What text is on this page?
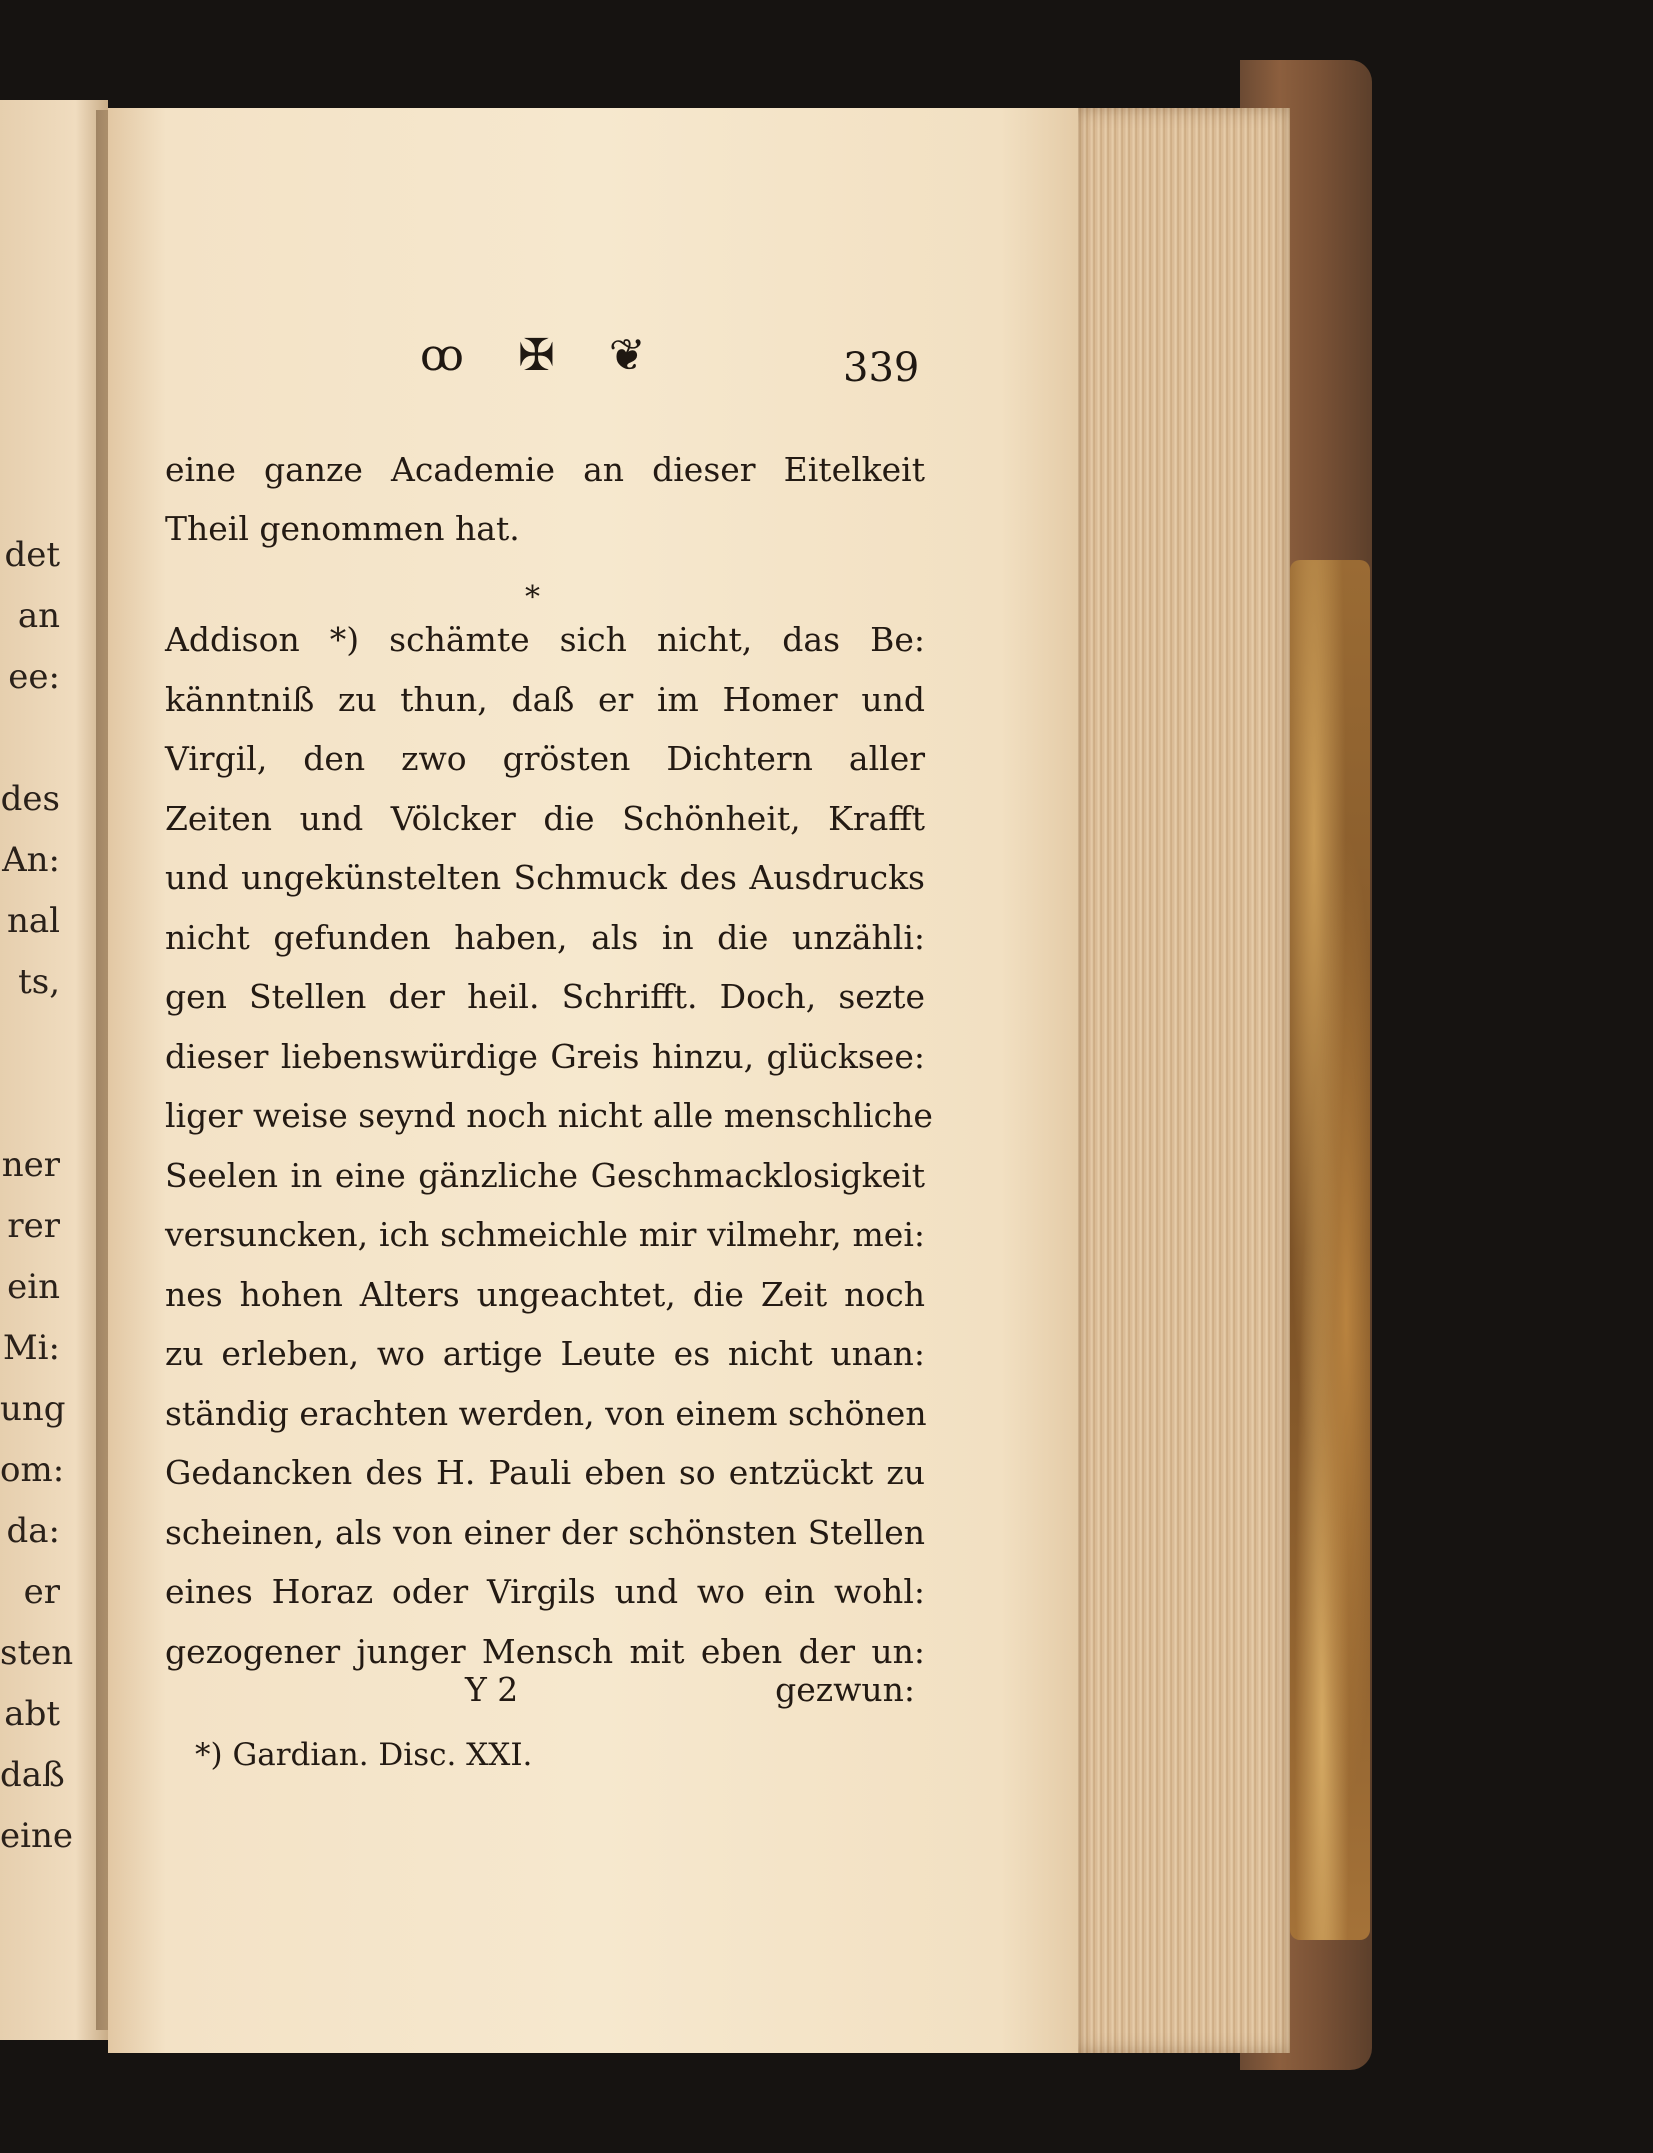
det
an
ee:
des
An:
nal
ts,
ner
rer
ein
Mi:
ung
om:
da:
er
sten
abt
daß
eine
ꝏ ✠ ❦	339
eine ganze Academie an dieser Eitelkeit
Theil genommen hat.
*
Addison *) schämte sich nicht, das Be:
känntniß zu thun, daß er im Homer und
Virgil, den zwo grösten Dichtern aller
Zeiten und Völcker die Schönheit, Krafft
und ungekünstelten Schmuck des Ausdrucks
nicht gefunden haben, als in die unzähli:
gen Stellen der heil. Schrifft. Doch, sezte
dieser liebenswürdige Greis hinzu, glücksee:
liger weise seynd noch nicht alle menschliche
Seelen in eine gänzliche Geschmacklosigkeit
versuncken, ich schmeichle mir vilmehr, mei:
nes hohen Alters ungeachtet, die Zeit noch
zu erleben, wo artige Leute es nicht unan:
ständig erachten werden, von einem schönen
Gedancken des H. Pauli eben so entzückt zu
scheinen, als von einer der schönsten Stellen
eines Horaz oder Virgils und wo ein wohl:
gezogener junger Mensch mit eben der un:
Y 2	gezwun:
*) Gardian. Disc. XXI.
